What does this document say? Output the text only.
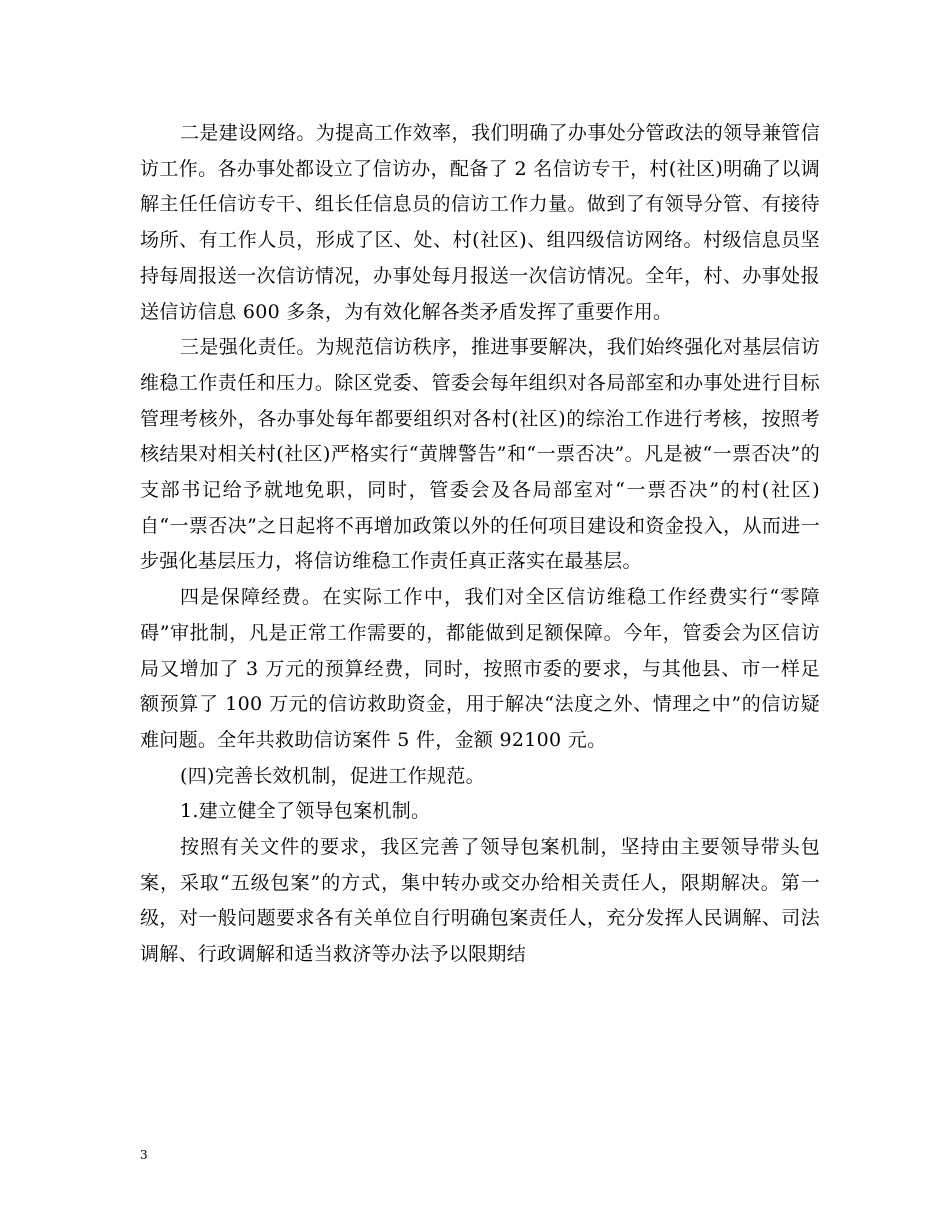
二是建设网络。为提高工作效率，我们明确了办事处分管政法的领导兼管信访工作。各办事处都设立了信访办，配备了 2 名信访专干，村(社区)明确了以调解主任任信访专干、组长任信息员的信访工作力量。做到了有领导分管、有接待场所、有工作人员，形成了区、处、村(社区)、组四级信访网络。村级信息员坚持每周报送一次信访情况，办事处每月报送一次信访情况。全年，村、办事处报送信访信息 600 多条，为有效化解各类矛盾发挥了重要作用。

三是强化责任。为规范信访秩序，推进事要解决，我们始终强化对基层信访维稳工作责任和压力。除区党委、管委会每年组织对各局部室和办事处进行目标管理考核外，各办事处每年都要组织对各村(社区)的综治工作进行考核，按照考核结果对相关村(社区)严格实行“黄牌警告”和“一票否决”。凡是被“一票否决”的支部书记给予就地免职，同时，管委会及各局部室对“一票否决”的村(社区)自“一票否决”之日起将不再增加政策以外的任何项目建设和资金投入，从而进一步强化基层压力，将信访维稳工作责任真正落实在最基层。

四是保障经费。在实际工作中，我们对全区信访维稳工作经费实行“零障碍”审批制，凡是正常工作需要的，都能做到足额保障。今年，管委会为区信访局又增加了 3 万元的预算经费，同时，按照市委的要求，与其他县、市一样足额预算了 100 万元的信访救助资金，用于解决“法度之外、情理之中”的信访疑难问题。全年共救助信访案件 5 件，金额 92100 元。

(四)完善长效机制，促进工作规范。

1.建立健全了领导包案机制。

按照有关文件的要求，我区完善了领导包案机制，坚持由主要领导带头包案，采取“五级包案”的方式，集中转办或交办给相关责任人，限期解决。第一级，对一般问题要求各有关单位自行明确包案责任人，充分发挥人民调解、司法调解、行政调解和适当救济等办法予以限期结

3
